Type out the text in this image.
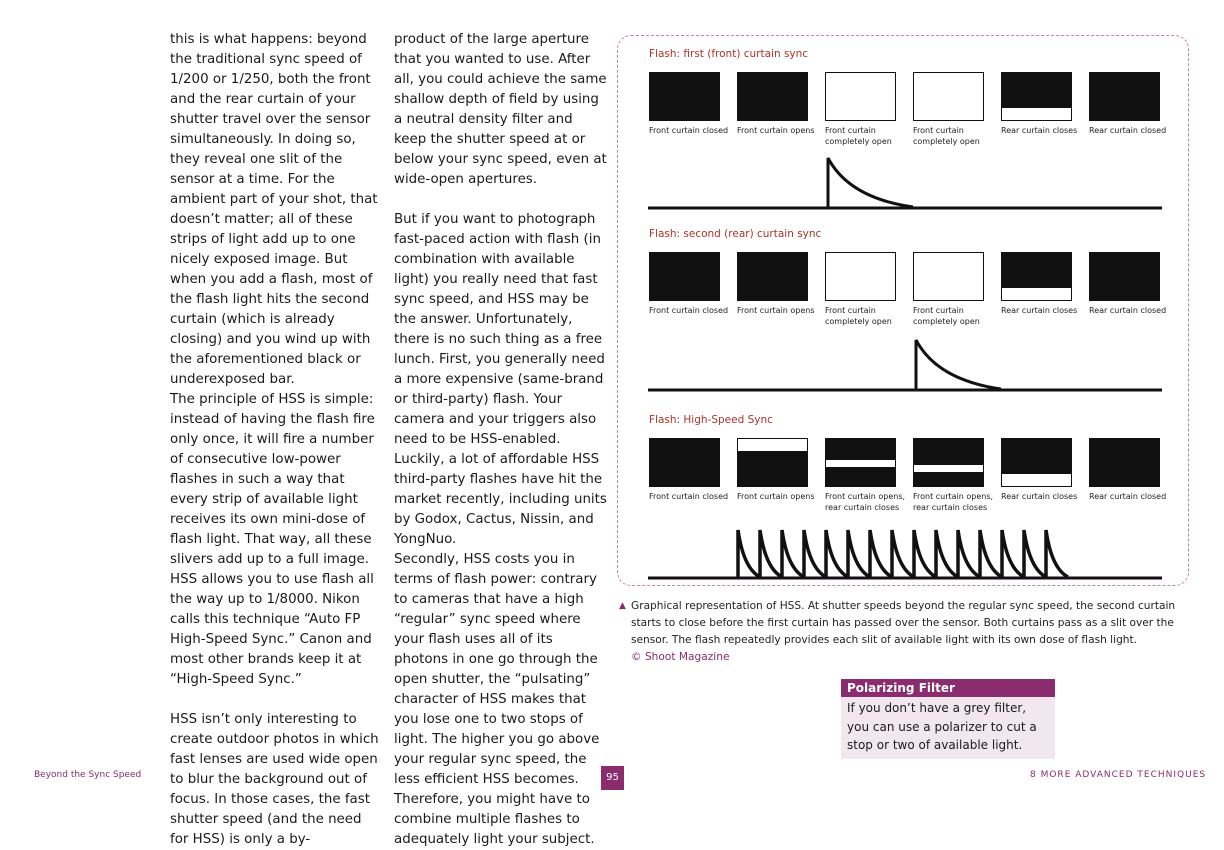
this is what happens: beyond the traditional sync speed of 1/200 or 1/250, both the front and the rear curtain of your shutter travel over the sensor simultaneously. In doing so, they reveal one slit of the sensor at a time. For the ambient part of your shot, that doesn’t matter; all of these strips of light add up to one nicely exposed image. But when you add a flash, most of the flash light hits the second curtain (which is already closing) and you wind up with the aforementioned black or underexposed bar.

The principle of HSS is simple: instead of having the flash fire only once, it will fire a number of consecutive low-power flashes in such a way that every strip of available light receives its own mini-dose of flash light. That way, all these slivers add up to a full image. HSS allows you to use flash all the way up to 1/8000. Nikon calls this technique “Auto FP High-Speed Sync.” Canon and most other brands keep it at “High-Speed Sync.”

HSS isn’t only interesting to create outdoor photos in which fast lenses are used wide open to blur the background out of focus. In those cases, the fast shutter speed (and the need for HSS) is only a by-

product of the large aperture that you wanted to use. After all, you could achieve the same shallow depth of field by using a neutral density filter and keep the shutter speed at or below your sync speed, even at wide-open apertures.

But if you want to photograph fast-paced action with flash (in combination with available light) you really need that fast sync speed, and HSS may be the answer. Unfortunately, there is no such thing as a free lunch. First, you generally need a more expensive (same-brand or third-party) flash. Your camera and your triggers also need to be HSS-enabled. Luckily, a lot of affordable HSS third-party flashes have hit the market recently, including units by Godox, Cactus, Nissin, and YongNuo.

Secondly, HSS costs you in terms of flash power: contrary to cameras that have a high “regular” sync speed where your flash uses all of its photons in one go through the open shutter, the “pulsating” character of HSS makes that you lose one to two stops of light. The higher you go above your regular sync speed, the less efficient HSS becomes. Therefore, you might have to combine multiple flashes to adequately light your subject.

▲ Graphical representation of HSS. At shutter speeds beyond the regular sync speed, the second curtain starts to close before the first curtain has passed over the sensor. Both curtains pass as a slit over the sensor. The flash repeatedly provides each slit of available light with its own dose of flash light.
© Shoot Magazine
Polarizing Filter
If you don’t have a grey filter, you can use a polarizer to cut a stop or two of available light.
Beyond the Sync Speed	95	8 MORE ADVANCED TECHNIQUES
Flash: first (front) curtain sync
Front curtain closed	Front curtain opens	Front curtain completely open
Front curtain completely open
Rear curtain closes	Rear curtain closed
Flash: second (rear) curtain sync
Front curtain closed	Front curtain opens	Front curtain completely open
Front curtain completely open
Rear curtain closes	Rear curtain closed
Flash: High-Speed Sync
Front curtain closed	Front curtain opens	Front curtain opens, rear curtain closes
Front curtain opens, rear curtain closes
Rear curtain closes	Rear curtain closed
